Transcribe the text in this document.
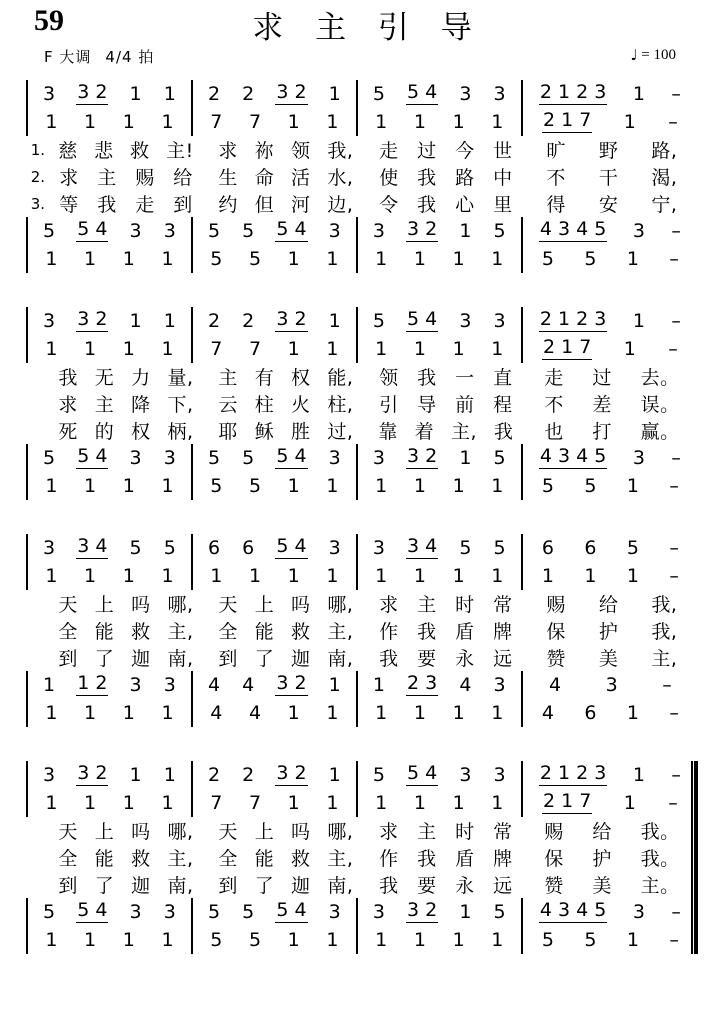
59	求 主 引 导
F 大调 4/4 拍	♩ = 100
3 3 2 1 1 2 2 3 2 1 5 5 4 3 3 2 1 2 3 1 –
1 1 1 1 7 7 1 1 1 1 1 1 2 1 7 1 –
1. 慈 悲 救 主! 求 祢 领 我, 走 过 今 世 旷 野 路,
2. 求 主 赐 给 生 命 活 水, 使 我 路 中 不 干 渴,
3. 等 我 走 到 约 但 河 边, 令 我 心 里 得 安 宁,
5 5 4 3 3 5 5 5 4 3 3 3 2 1 5 4 3 4 5 3 –
1 1 1 1 5 5 1 1 1 1 1 1 5 5 1 –
3 3 2 1 1 2 2 3 2 1 5 5 4 3 3 2 1 2 3 1 –
1 1 1 1 7 7 1 1 1 1 1 1 2 1 7 1 –
我 无 力 量, 主 有 权 能, 领 我 一 直 走 过 去。
求 主 降 下, 云 柱 火 柱, 引 导 前 程 不 差 误。
死 的 权 柄, 耶 稣 胜 过, 靠 着 主, 我 也 打 赢。
5 5 4 3 3 5 5 5 4 3 3 3 2 1 5 4 3 4 5 3 –
1 1 1 1 5 5 1 1 1 1 1 1 5 5 1 –
3 3 4 5 5 6 6 5 4 3 3 3 4 5 5 6 6 5 –
1 1 1 1 1 1 1 1 1 1 1 1 1 1 1 –
天 上 吗 哪, 天 上 吗 哪, 求 主 时 常 赐 给 我,
全 能 救 主, 全 能 救 主, 作 我 盾 牌 保 护 我,
到 了 迦 南, 到 了 迦 南, 我 要 永 远 赞 美 主,
1 1 2 3 3 4 4 3 2 1 1 2 3 4 3 4 3 –
1 1 1 1 4 4 1 1 1 1 1 1 4 6 1 –
3 3 2 1 1 2 2 3 2 1 5 5 4 3 3 2 1 2 3 1 –
1 1 1 1 7 7 1 1 1 1 1 1 2 1 7 1 –
天 上 吗 哪, 天 上 吗 哪, 求 主 时 常 赐 给 我。
全 能 救 主, 全 能 救 主, 作 我 盾 牌 保 护 我。
到 了 迦 南, 到 了 迦 南, 我 要 永 远 赞 美 主。
5 5 4 3 3 5 5 5 4 3 3 3 2 1 5 4 3 4 5 3 –
1 1 1 1 5 5 1 1 1 1 1 1 5 5 1 –
